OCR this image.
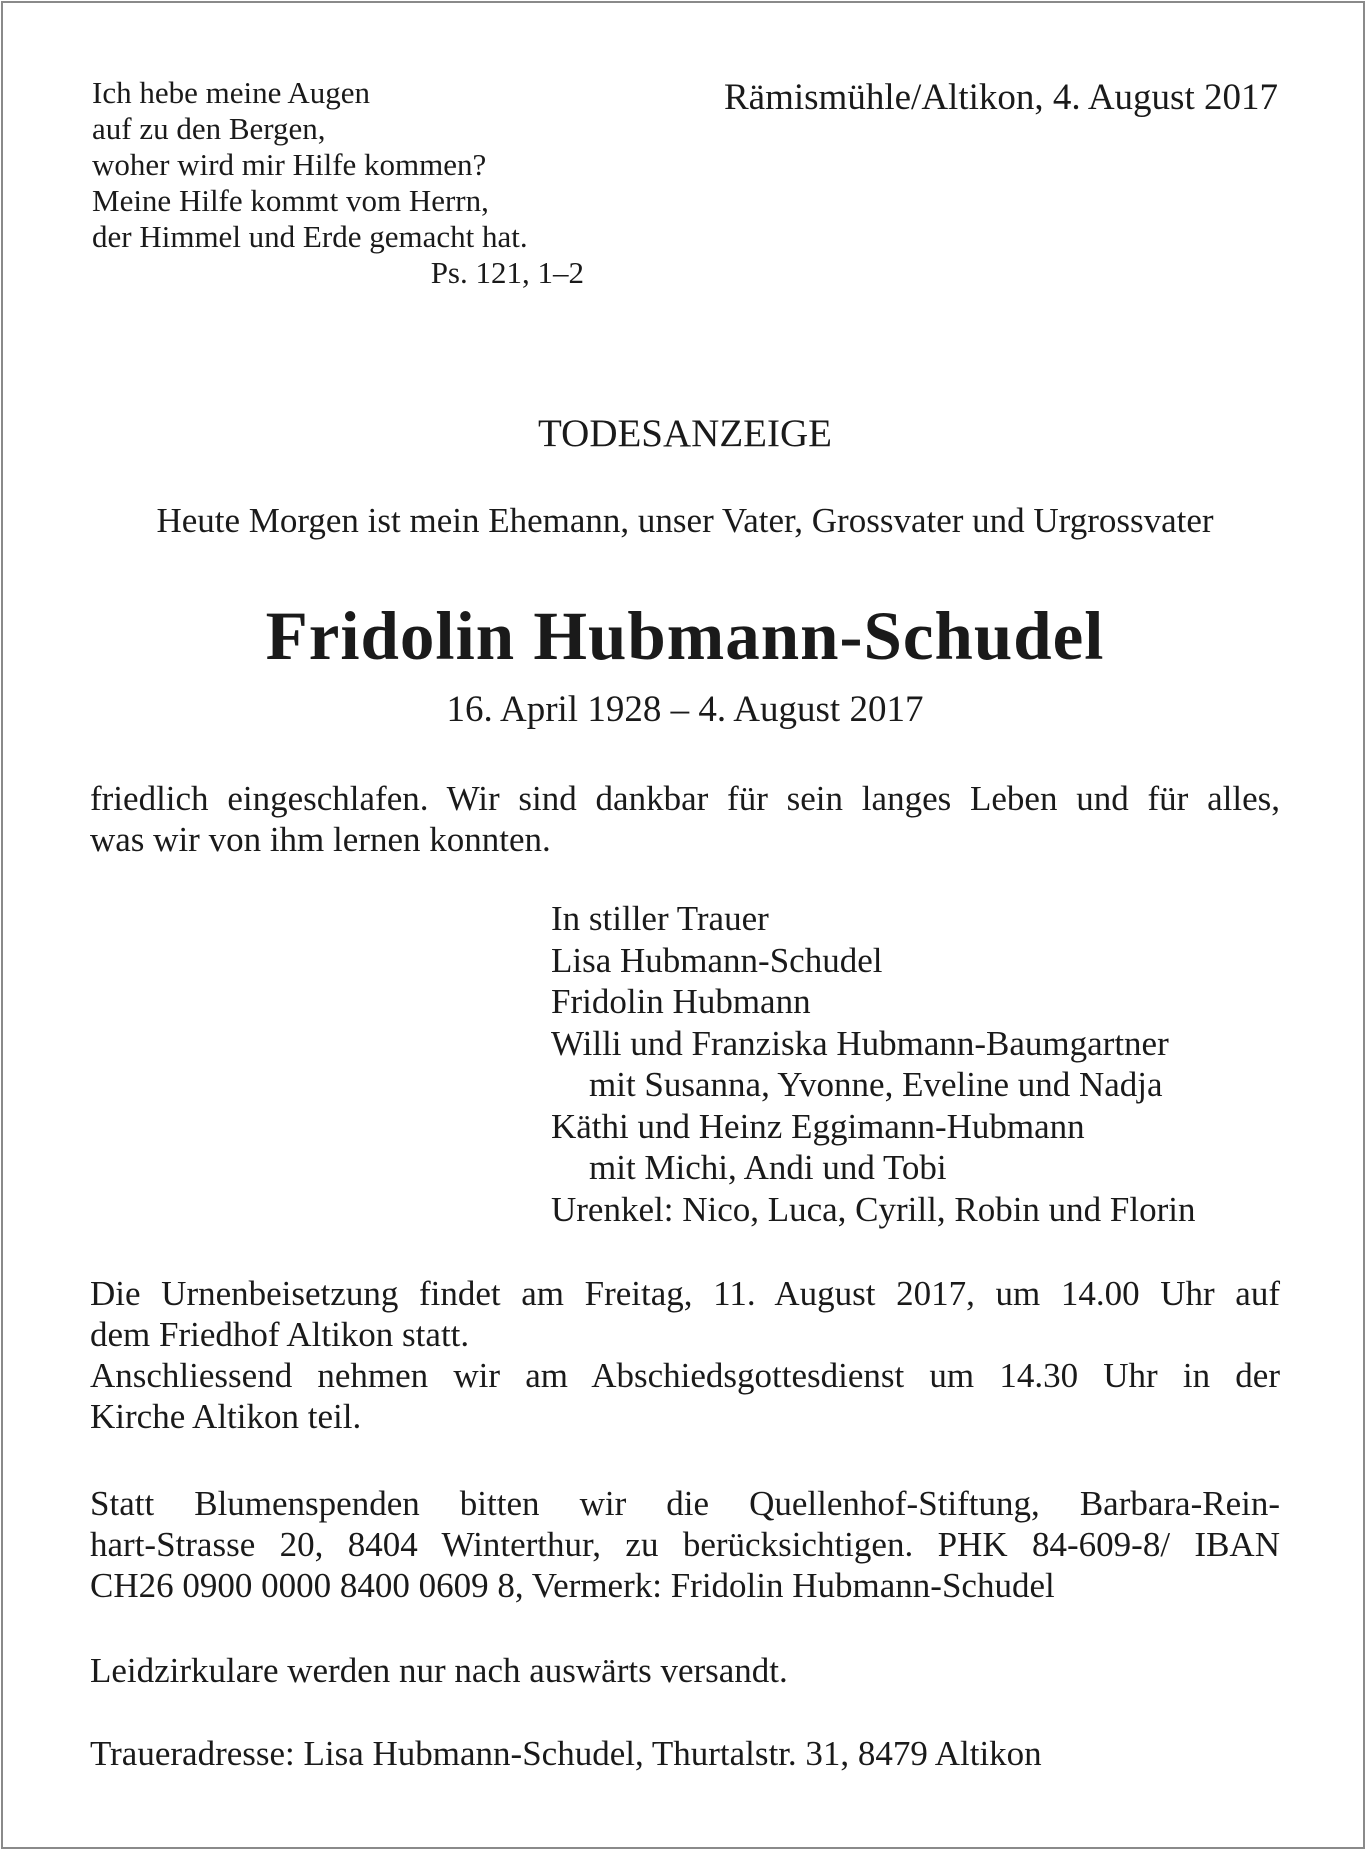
Ich hebe meine Augen
auf zu den Bergen,
woher wird mir Hilfe kommen?
Meine Hilfe kommt vom Herrn,
der Himmel und Erde gemacht hat.
Ps. 121, 1–2
Rämismühle/Altikon, 4. August 2017
TODESANZEIGE
Heute Morgen ist mein Ehemann, unser Vater, Grossvater und Urgrossvater
Fridolin Hubmann-Schudel
16. April 1928 – 4. August 2017
friedlich eingeschlafen. Wir sind dankbar für sein langes Leben und für alles,
was wir von ihm lernen konnten.
In stiller Trauer
Lisa Hubmann-Schudel
Fridolin Hubmann
Willi und Franziska Hubmann-Baumgartner
mit Susanna, Yvonne, Eveline und Nadja
Käthi und Heinz Eggimann-Hubmann
mit Michi, Andi und Tobi
Urenkel: Nico, Luca, Cyrill, Robin und Florin
Die Urnenbeisetzung findet am Freitag, 11. August 2017, um 14.00 Uhr auf
dem Friedhof Altikon statt.
Anschliessend nehmen wir am Abschiedsgottesdienst um 14.30 Uhr in der
Kirche Altikon teil.
Statt Blumenspenden bitten wir die Quellenhof-Stiftung, Barbara-Rein-
hart-Strasse 20, 8404 Winterthur, zu berücksichtigen. PHK 84-609-8/ IBAN
CH26 0900 0000 8400 0609 8, Vermerk: Fridolin Hubmann-Schudel
Leidzirkulare werden nur nach auswärts versandt.
Traueradresse: Lisa Hubmann-Schudel, Thurtalstr. 31, 8479 Altikon
